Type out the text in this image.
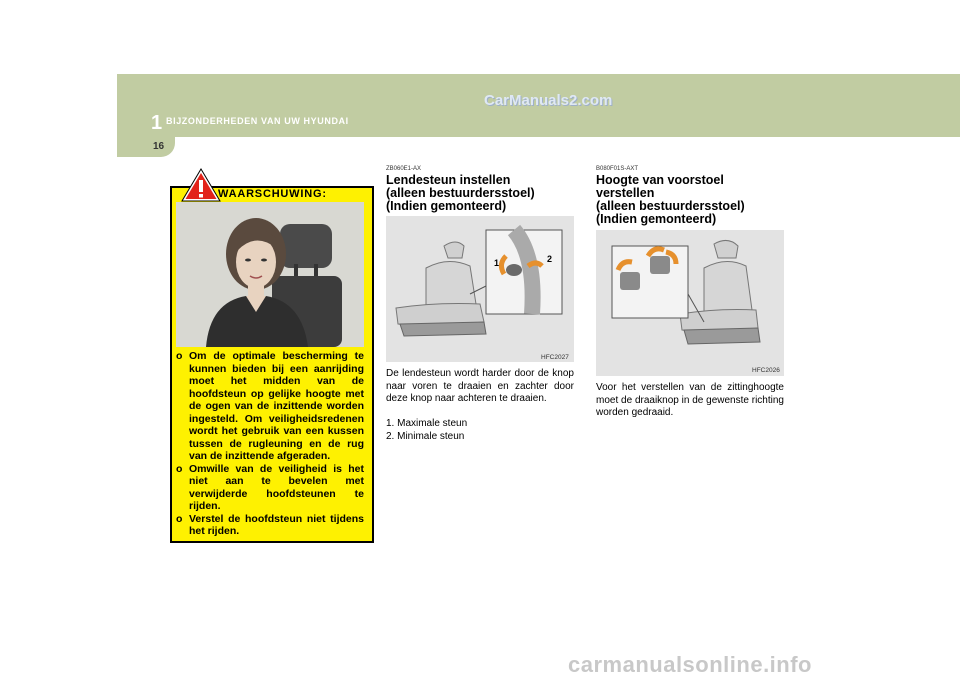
1 BIJZONDERHEDEN VAN UW HYUNDAI
16
CarManuals2.com
WAARSCHUWING:
o Om de optimale bescherming te kunnen bieden bij een aanrijding moet het midden van de hoofdsteun op gelijke hoogte met de ogen van de inzittende worden ingesteld. Om veiligheidsredenen wordt het gebruik van een kussen tussen de rugleuning en de rug van de inzittende afgeraden.
o Omwille van de veiligheid is het niet aan te bevelen met verwijderde hoofdsteunen te rijden.
o Verstel de hoofdsteun niet tijdens het rijden.
ZB060E1-AX
Lendesteun instellen
(alleen bestuurdersstoel)
(Indien gemonteerd)
1	2
HFC2027

De lendesteun wordt harder door de knop naar voren te draaien en zachter door deze knop naar achteren te draaien.

1. Maximale steun
2. Minimale steun
B080F01S-AXT
Hoogte van voorstoel
verstellen
(alleen bestuurdersstoel)
(Indien gemonteerd)
HFC2026

Voor het verstellen van de zittinghoogte moet de draaiknop in de gewenste richting worden gedraaid.

carmanualsonline.info
